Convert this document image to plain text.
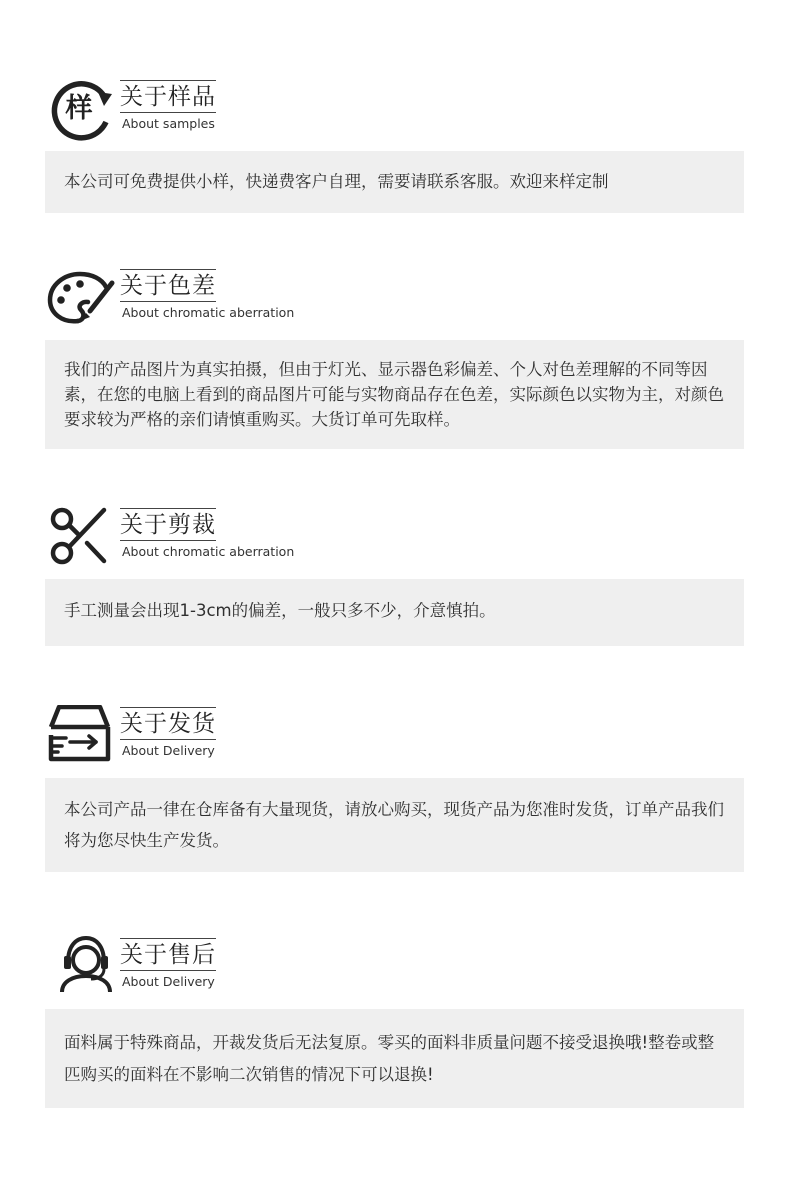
样 关于样品
About samples

本公司可免费提供小样，快递费客户自理，需要请联系客服。欢迎来样定制

关于色差
About chromatic aberration

我们的产品图片为真实拍摄，但由于灯光、显示器色彩偏差、个人对色差理解的不同等因素，在您的电脑上看到的商品图片可能与实物商品存在色差，实际颜色以实物为主，对颜色要求较为严格的亲们请慎重购买。大货订单可先取样。

关于剪裁
About chromatic aberration

手工测量会出现1-3cm的偏差，一般只多不少，介意慎拍。

关于发货
About Delivery

本公司产品一律在仓库备有大量现货，请放心购买，现货产品为您准时发货，订单产品我们将为您尽快生产发货。

关于售后
About Delivery

面料属于特殊商品，开裁发货后无法复原。零买的面料非质量问题不接受退换哦!整卷或整匹购买的面料在不影响二次销售的情况下可以退换!
